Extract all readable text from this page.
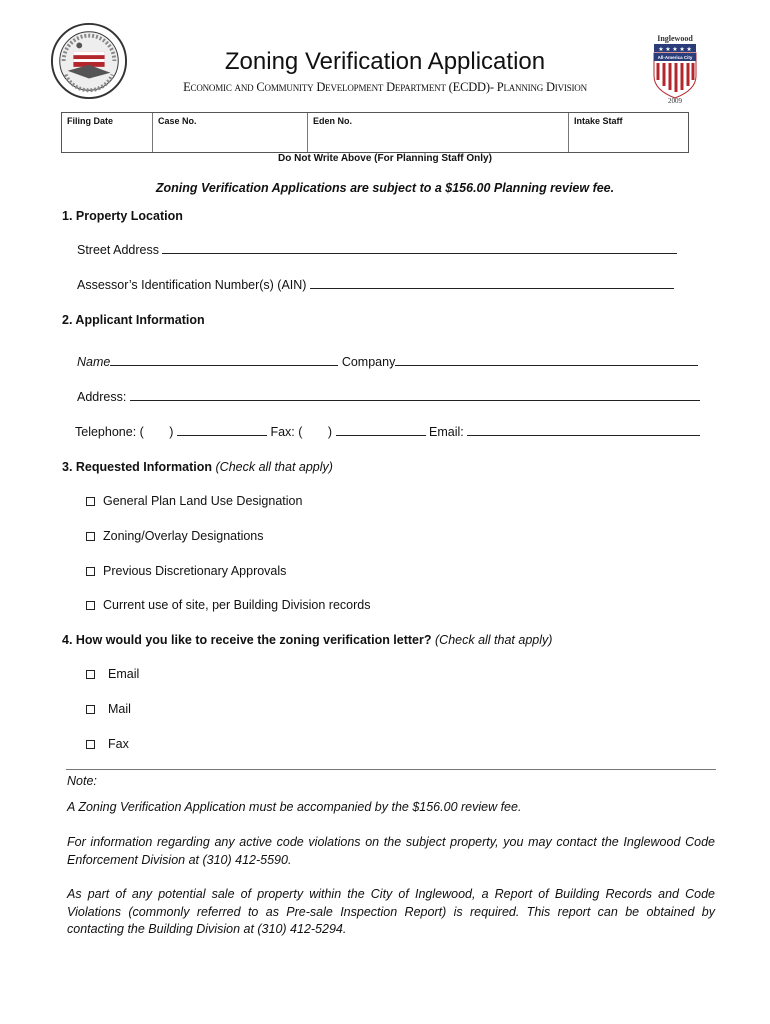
Inglewood
★ ★ ★ ★ ★
All-America City
2009
Zoning Verification Application
Economic and Community Development Department (ECDD)- Planning Division
Filing Date	Case No.	Eden No.	Intake Staff
Do Not Write Above (For Planning Staff Only)
Zoning Verification Applications are subject to a $156.00 Planning review fee.
1. Property Location
Street Address
Assessor’s Identification Number(s) (AIN)
2. Applicant Information
Name	Company
Address:
Telephone: ( )	Fax: ( )	Email:
3. Requested Information (Check all that apply)
General Plan Land Use Designation
Zoning/Overlay Designations
Previous Discretionary Approvals
Current use of site, per Building Division records
4. How would you like to receive the zoning verification letter? (Check all that apply)
Email
Mail
Fax
Note:
A Zoning Verification Application must be accompanied by the $156.00 review fee.
For information regarding any active code violations on the subject property, you may contact the Inglewood Code Enforcement Division at (310) 412-5590.
As part of any potential sale of property within the City of Inglewood, a Report of Building Records and Code Violations (commonly referred to as Pre-sale Inspection Report) is required. This report can be obtained by contacting the Building Division at (310) 412-5294.
